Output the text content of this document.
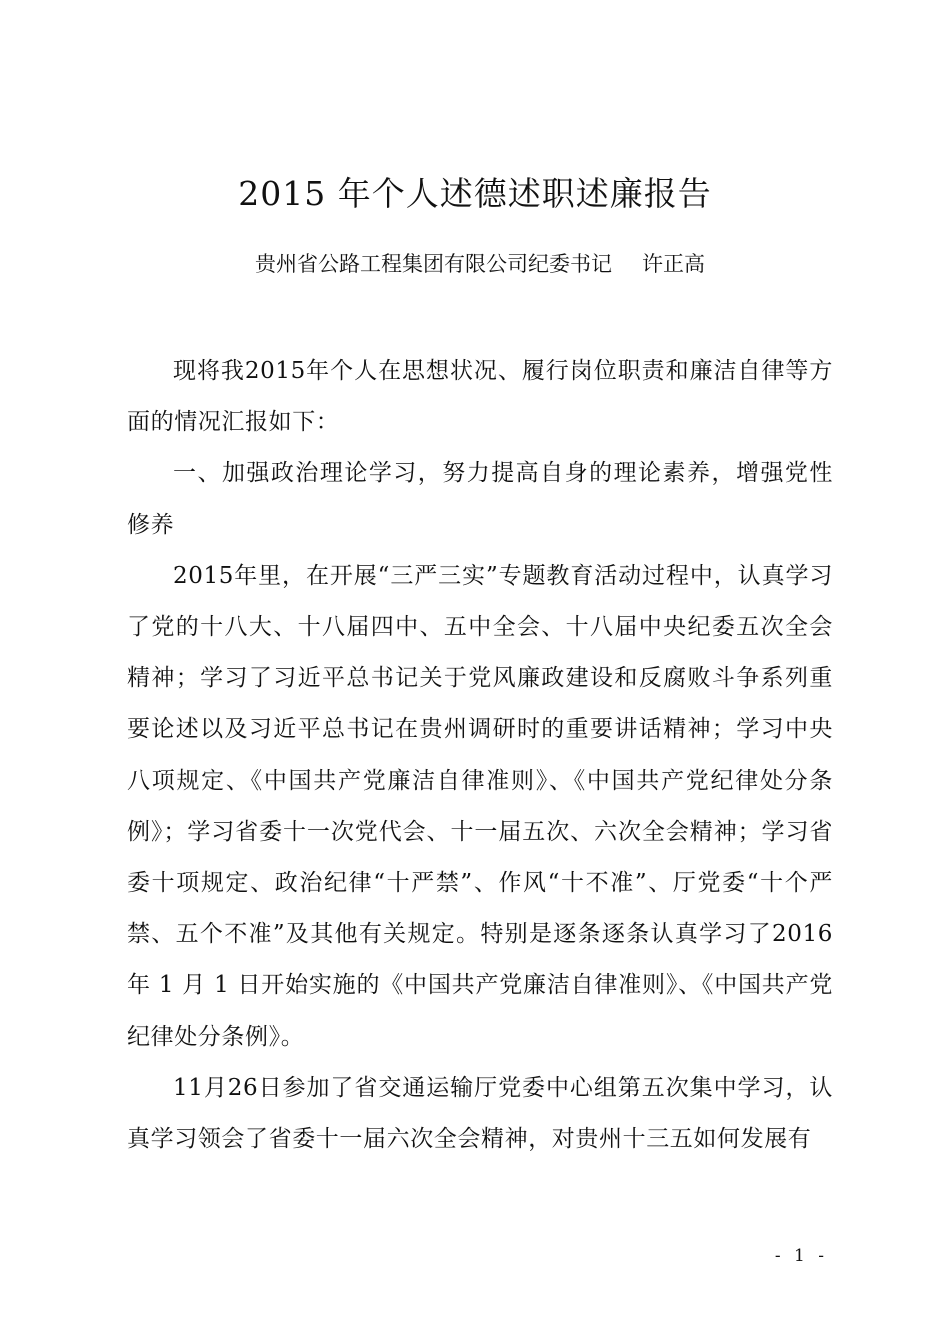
2015 年个人述德述职述廉报告

贵州省公路工程集团有限公司纪委书记 许正高

现将我2015年个人在思想状况、履行岗位职责和廉洁自律等方面的情况汇报如下：

一、加强政治理论学习，努力提高自身的理论素养，增强党性修养

2015年里，在开展“三严三实”专题教育活动过程中，认真学习了党的十八大、十八届四中、五中全会、十八届中央纪委五次全会精神；学习了习近平总书记关于党风廉政建设和反腐败斗争系列重要论述以及习近平总书记在贵州调研时的重要讲话精神；学习中央八项规定、《中国共产党廉洁自律准则》、《中国共产党纪律处分条例》；学习省委十一次党代会、十一届五次、六次全会精神；学习省委十项规定、政治纪律“十严禁”、作风“十不准”、厅党委“十个严禁、五个不准”及其他有关规定。特别是逐条逐条认真学习了2016年 1 月 1 日开始实施的《中国共产党廉洁自律准则》、《中国共产党纪律处分条例》。

11月26日参加了省交通运输厅党委中心组第五次集中学习，认真学习领会了省委十一届六次全会精神，对贵州十三五如何发展有

- 1 -
